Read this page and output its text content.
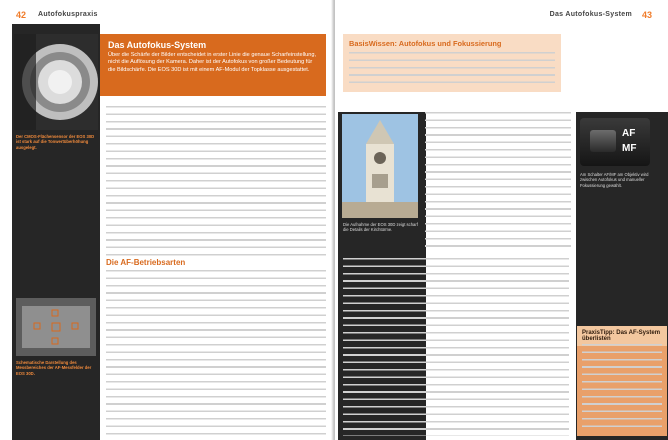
42 Autofokuspraxis
Das Autofokus-System

Über die Schärfe der Bilder entscheidet in erster Linie die genaue Scharfeinstellung, nicht die Auflösung der Kamera. Daher ist der Autofokus von großer Bedeutung für die Bildschärfe. Die EOS 30D ist mit einem AF-Modul der Topklasse ausgestattet.

Der CMOS-Flächensensor der EOS 30D ist stark auf die Tonwertüberhöhung ausgelegt.
Die AF-Betriebsarten
Schematische Darstellung des Messbereiches der AF-Messfelder der EOS 30D.
43
Das Autofokus-System
BasisWissen: Autofokus und Fokussierung
Die Aufnahme der EOS 30D zeigt scharf die Details der Kirchtürme.
AF
MF
Am Schalter AF/MF am Objektiv wird zwischen Autofokus und manueller Fokussierung gewählt.
PraxisTipp: Das AF-System überlisten
